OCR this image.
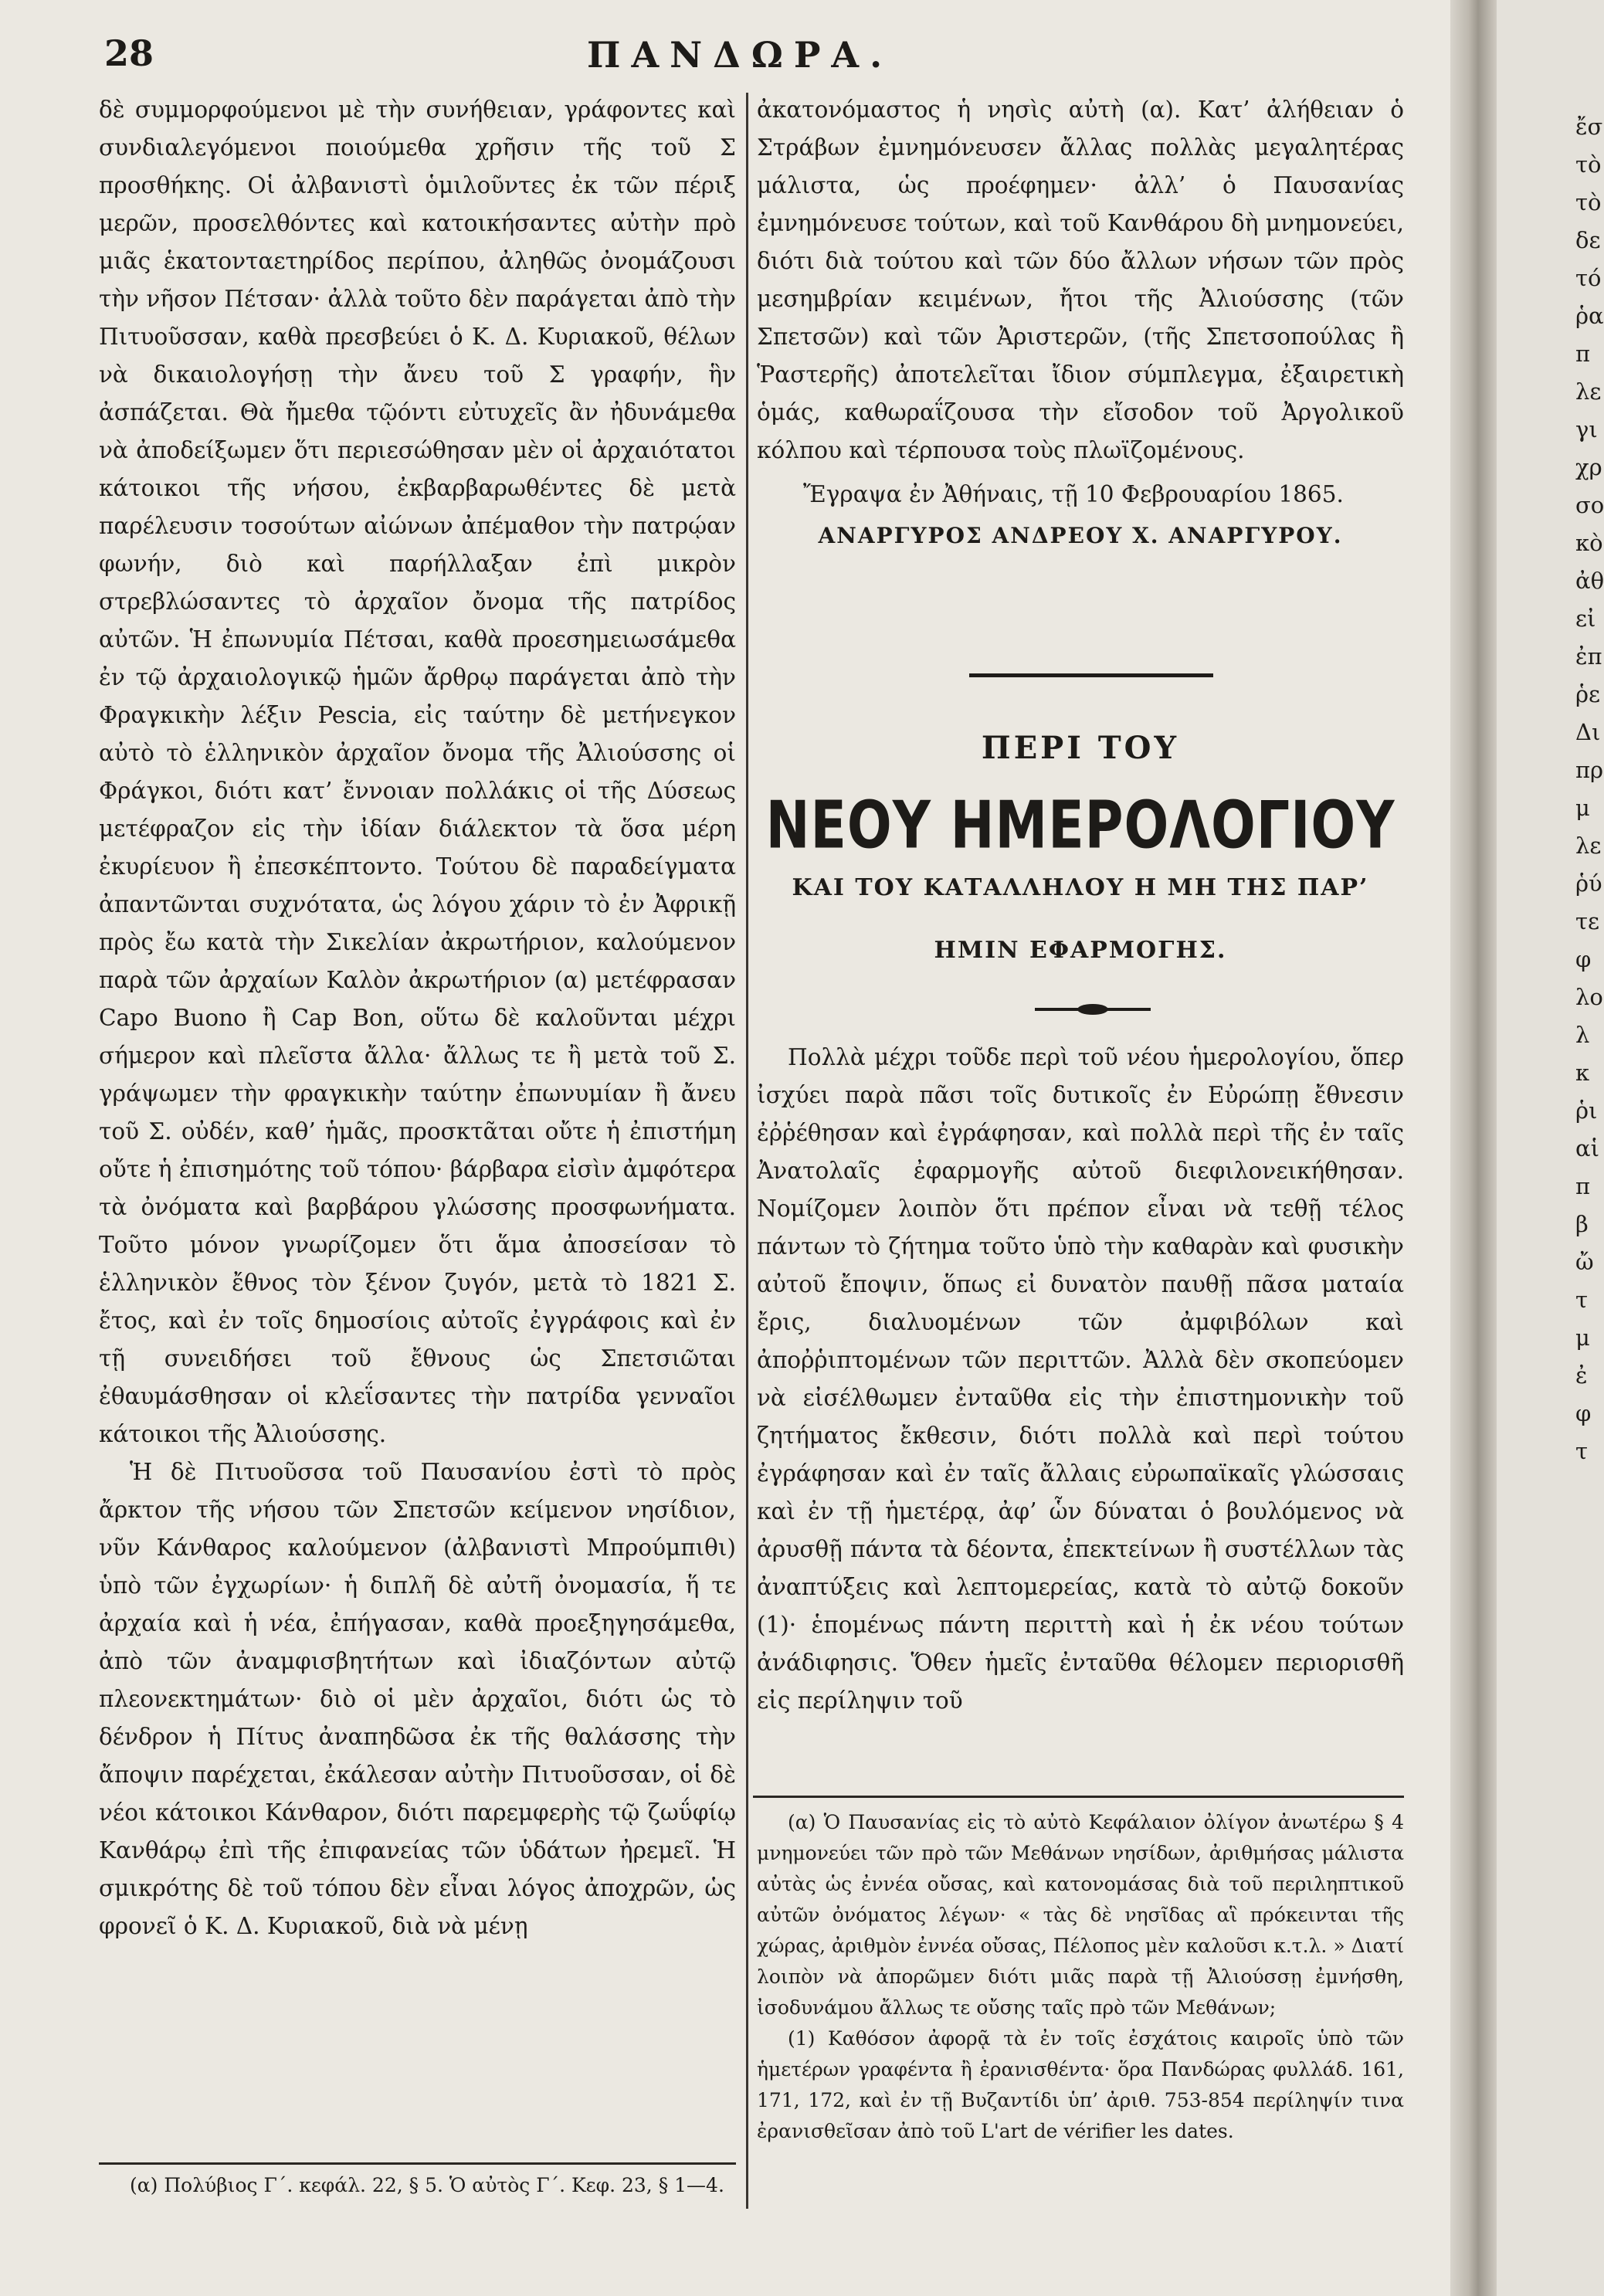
28	ΠΑΝΔΩΡΑ.

δὲ συμμορφούμενοι μὲ τὴν συνήθειαν, γράφοντες καὶ συνδιαλεγόμενοι ποιούμεθα χρῆσιν τῆς τοῦ Σ προσθήκης. Οἱ ἀλβανιστὶ ὁμιλοῦντες ἐκ τῶν πέριξ μερῶν, προσελθόντες καὶ κατοικήσαντες αὐτὴν πρὸ μιᾶς ἑκατονταετηρίδος περίπου, ἀληθῶς ὀνομάζουσι τὴν νῆσον Πέτσαν· ἀλλὰ τοῦτο δὲν παράγεται ἀπὸ τὴν Πιτυοῦσσαν, καθὰ πρεσβεύει ὁ Κ. Δ. Κυριακοῦ, θέλων νὰ δικαιολογήσῃ τὴν ἄνευ τοῦ Σ γραφήν, ἣν ἀσπάζεται. Θὰ ἤμεθα τῷόντι εὐτυχεῖς ἂν ἠδυνάμεθα νὰ ἀποδείξωμεν ὅτι περιεσώθησαν μὲν οἱ ἀρχαιότατοι κάτοικοι τῆς νήσου, ἐκβαρβαρωθέντες δὲ μετὰ παρέλευσιν τοσούτων αἰώνων ἀπέμαθον τὴν πατρῴαν φωνήν, διὸ καὶ παρήλλαξαν ἐπὶ μικρὸν στρεβλώσαντες τὸ ἀρχαῖον ὄνομα τῆς πατρίδος αὐτῶν. Ἡ ἐπωνυμία Πέτσαι, καθὰ προεσημειωσάμεθα ἐν τῷ ἀρχαιολογικῷ ἡμῶν ἄρθρῳ παράγεται ἀπὸ τὴν Φραγκικὴν λέξιν Pescia, εἰς ταύτην δὲ μετήνεγκον αὐτὸ τὸ ἑλληνικὸν ἀρχαῖον ὄνομα τῆς Ἀλιούσσης οἱ Φράγκοι, διότι κατ’ ἔννοιαν πολλάκις οἱ τῆς Δύσεως μετέφραζον εἰς τὴν ἰδίαν διάλεκτον τὰ ὅσα μέρη ἐκυρίευον ἢ ἐπεσκέπτοντο. Τούτου δὲ παραδείγματα ἀπαντῶνται συχνότατα, ὡς λόγου χάριν τὸ ἐν Ἀφρικῇ πρὸς ἔω κατὰ τὴν Σικελίαν ἀκρωτήριον, καλούμενον παρὰ τῶν ἀρχαίων Καλὸν ἀκρωτήριον (α) μετέφρασαν Capo Buono ἢ Cap Bon, οὕτω δὲ καλοῦνται μέχρι σήμερον καὶ πλεῖστα ἄλλα· ἄλλως τε ἢ μετὰ τοῦ Σ. γράψωμεν τὴν φραγκικὴν ταύτην ἐπωνυμίαν ἢ ἄνευ τοῦ Σ. οὐδέν, καθ’ ἡμᾶς, προσκτᾶται οὔτε ἡ ἐπιστήμη οὔτε ἡ ἐπισημότης τοῦ τόπου· βάρβαρα εἰσὶν ἀμφότερα τὰ ὀνόματα καὶ βαρβάρου γλώσσης προσφωνήματα. Τοῦτο μόνον γνωρίζομεν ὅτι ἅμα ἀποσείσαν τὸ ἑλληνικὸν ἔθνος τὸν ξένον ζυγόν, μετὰ τὸ 1821 Σ. ἔτος, καὶ ἐν τοῖς δημοσίοις αὐτοῖς ἐγγράφοις καὶ ἐν τῇ συνειδήσει τοῦ ἔθνους ὡς Σπετσιῶται ἐθαυμάσθησαν οἱ κλεΐσαντες τὴν πατρίδα γενναῖοι κάτοικοι τῆς Ἀλιούσσης.

Ἡ δὲ Πιτυοῦσσα τοῦ Παυσανίου ἐστὶ τὸ πρὸς ἄρκτον τῆς νήσου τῶν Σπετσῶν κείμενον νησίδιον, νῦν Κάνθαρος καλούμενον (ἀλβανιστὶ Μπρούμπιθι) ὑπὸ τῶν ἐγχωρίων· ἡ διπλῆ δὲ αὐτῆ ὀνομασία, ἥ τε ἀρχαία καὶ ἡ νέα, ἐπήγασαν, καθὰ προεξηγησάμεθα, ἀπὸ τῶν ἀναμφισβητήτων καὶ ἰδιαζόντων αὐτῷ πλεονεκτημάτων· διὸ οἱ μὲν ἀρχαῖοι, διότι ὡς τὸ δένδρον ἡ Πίτυς ἀναπηδῶσα ἐκ τῆς θαλάσσης τὴν ἄποψιν παρέχεται, ἐκάλεσαν αὐτὴν Πιτυοῦσσαν, οἱ δὲ νέοι κάτοικοι Κάνθαρον, διότι παρεμφερὴς τῷ ζωΰφίῳ Κανθάρῳ ἐπὶ τῆς ἐπιφανείας τῶν ὑδάτων ἠρεμεῖ. Ἡ σμικρότης δὲ τοῦ τόπου δὲν εἶναι λόγος ἀποχρῶν, ὡς φρονεῖ ὁ Κ. Δ. Κυριακοῦ, διὰ νὰ μένῃ

(α) Πολύβιος Γ΄. κεφάλ. 22, § 5. Ὁ αὐτὸς Γ΄. Κεφ. 23, § 1—4.

ἀκατονόμαστος ἡ νησὶς αὐτὴ (α). Κατ’ ἀλήθειαν ὁ Στράβων ἐμνημόνευσεν ἄλλας πολλὰς μεγαλητέρας μάλιστα, ὡς προέφημεν· ἀλλ’ ὁ Παυσανίας ἐμνημόνευσε τούτων, καὶ τοῦ Κανθάρου δὴ μνημονεύει, διότι διὰ τούτου καὶ τῶν δύο ἄλλων νήσων τῶν πρὸς μεσημβρίαν κειμένων, ἤτοι τῆς Ἀλιούσσης (τῶν Σπετσῶν) καὶ τῶν Ἀριστερῶν, (τῆς Σπετσοπούλας ἢ Ῥαστερῆς) ἀποτελεῖται ἴδιον σύμπλεγμα, ἐξαιρετικὴ ὁμάς, καθωραΐζουσα τὴν εἴσοδον τοῦ Ἀργολικοῦ κόλπου καὶ τέρπουσα τοὺς πλωϊζομένους.

Ἔγραψα ἐν Ἀθήναις, τῇ 10 Φεβρουαρίου 1865.

ΑΝΑΡΓΥΡΟΣ ΑΝΔΡΕΟΥ Χ. ΑΝΑΡΓΥΡΟΥ.

ΠΕΡΙ ΤΟΥ
ΝΕΟΥ ΗΜΕΡΟΛΟΓΙΟΥ
ΚΑΙ ΤΟΥ ΚΑΤΑΛΛΗΛΟΥ Η ΜΗ ΤΗΣ ΠΑΡ’
ΗΜΙΝ ΕΦΑΡΜΟΓΗΣ.

Πολλὰ μέχρι τοῦδε περὶ τοῦ νέου ἡμερολογίου, ὅπερ ἰσχύει παρὰ πᾶσι τοῖς δυτικοῖς ἐν Εὐρώπῃ ἔθνεσιν ἐῤῥέθησαν καὶ ἐγράφησαν, καὶ πολλὰ περὶ τῆς ἐν ταῖς Ἀνατολαῖς ἐφαρμογῆς αὐτοῦ διεφιλονεικήθησαν. Νομίζομεν λοιπὸν ὅτι πρέπον εἶναι νὰ τεθῇ τέλος πάντων τὸ ζήτημα τοῦτο ὑπὸ τὴν καθαρὰν καὶ φυσικὴν αὐτοῦ ἔποψιν, ὅπως εἰ δυνατὸν παυθῇ πᾶσα ματαία ἔρις, διαλυομένων τῶν ἀμφιβόλων καὶ ἀποῤῥιπτομένων τῶν περιττῶν. Ἀλλὰ δὲν σκοπεύομεν νὰ εἰσέλθωμεν ἐνταῦθα εἰς τὴν ἐπιστημονικὴν τοῦ ζητήματος ἔκθεσιν, διότι πολλὰ καὶ περὶ τούτου ἐγράφησαν καὶ ἐν ταῖς ἄλλαις εὐρωπαϊκαῖς γλώσσαις καὶ ἐν τῇ ἡμετέρᾳ, ἀφ’ ὧν δύναται ὁ βουλόμενος νὰ ἀρυσθῇ πάντα τὰ δέοντα, ἐπεκτείνων ἢ συστέλλων τὰς ἀναπτύξεις καὶ λεπτομερείας, κατὰ τὸ αὐτῷ δοκοῦν (1)· ἑπομένως πάντη περιττὴ καὶ ἡ ἐκ νέου τούτων ἀνάδιφησις. Ὅθεν ἡμεῖς ἐνταῦθα θέλομεν περιορισθῆ εἰς περίληψιν τοῦ

(α) Ὁ Παυσανίας εἰς τὸ αὐτὸ Κεφάλαιον ὀλίγον ἀνωτέρω § 4 μνημονεύει τῶν πρὸ τῶν Μεθάνων νησίδων, ἀριθμήσας μάλιστα αὐτὰς ὡς ἐννέα οὔσας, καὶ κατονομάσας διὰ τοῦ περιληπτικοῦ αὐτῶν ὀνόματος λέγων· « τὰς δὲ νησῖδας αἳ πρόκεινται τῆς χώρας, ἀριθμὸν ἐννέα οὔσας, Πέλοπος μὲν καλοῦσι κ.τ.λ. » Διατί λοιπὸν νὰ ἀπορῶμεν διότι μιᾶς παρὰ τῇ Ἀλιούσσῃ ἐμνήσθη, ἰσοδυνάμου ἄλλως τε οὔσης ταῖς πρὸ τῶν Μεθάνων;

(1) Καθόσον ἀφορᾷ τὰ ἐν τοῖς ἐσχάτοις καιροῖς ὑπὸ τῶν ἡμετέρων γραφέντα ἢ ἐρανισθέντα· ὅρα Πανδώρας φυλλάδ. 161, 171, 172, καὶ ἐν τῇ Βυζαντίδι ὑπ’ ἀριθ. 753-854 περίληψίν τινα ἐρανισθεῖσαν ἀπὸ τοῦ L'art de vérifier les dates.

ἔσ τὸ τὸ δε τό ῥα π λε γι χρ σο κὸ ἀθ εἰ ἐπ ῥε Δι πρ μ λε ῥύ τε φ λο λ κ ῥι αἱ π β ὤ τ μ ἐ φ τ
